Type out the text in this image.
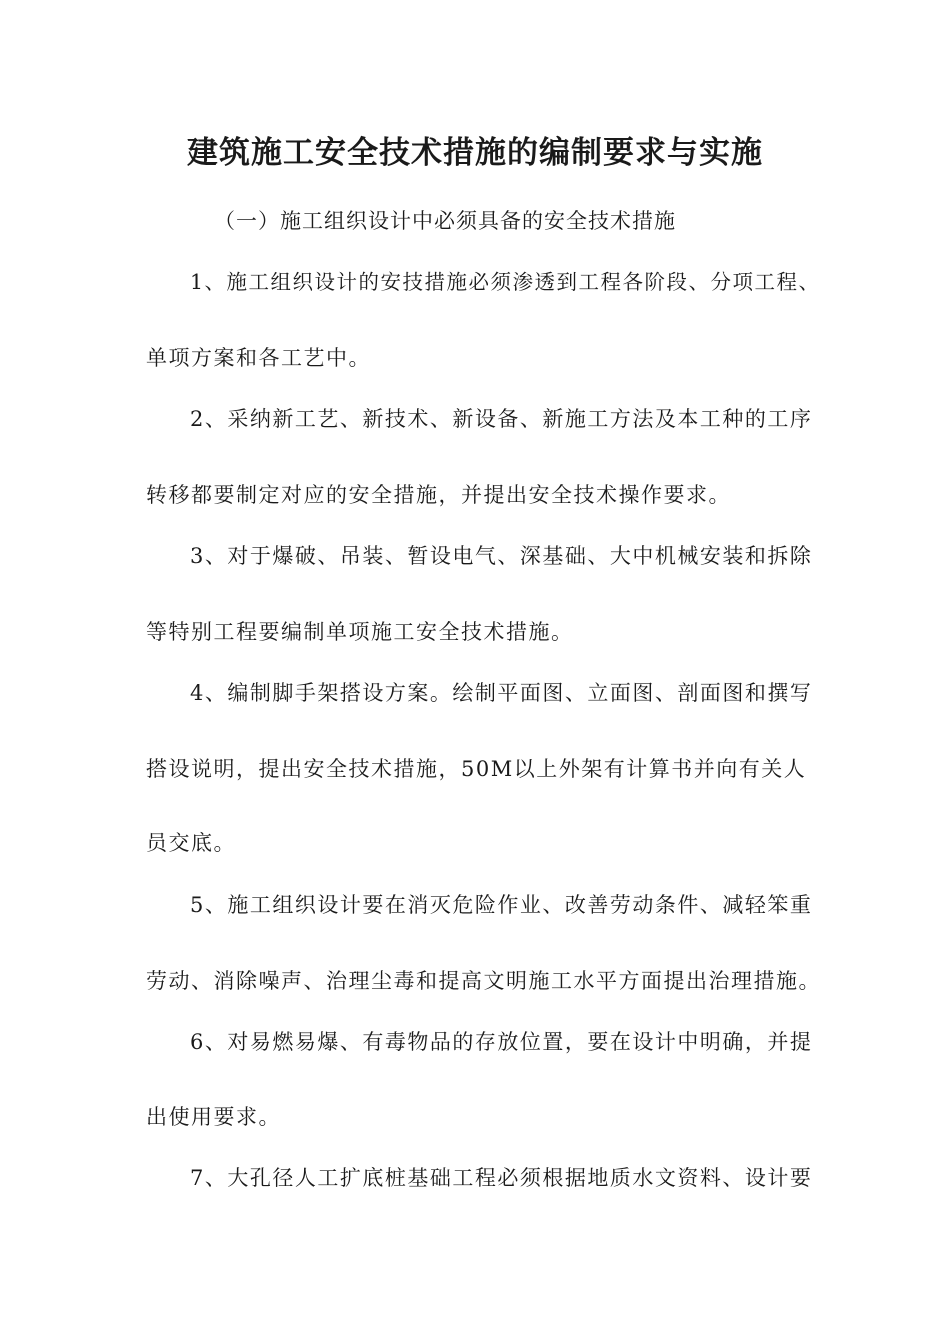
建筑施工安全技术措施的编制要求与实施
（一）施工组织设计中必须具备的安全技术措施
1、施工组织设计的安技措施必须渗透到工程各阶段、分项工程、
单项方案和各工艺中。
2、采纳新工艺、新技术、新设备、新施工方法及本工种的工序
转移都要制定对应的安全措施，并提出安全技术操作要求。
3、对于爆破、吊装、暂设电气、深基础、大中机械安装和拆除
等特别工程要编制单项施工安全技术措施。
4、编制脚手架搭设方案。绘制平面图、立面图、剖面图和撰写
搭设说明，提出安全技术措施，50M以上外架有计算书并向有关人
员交底。
5、施工组织设计要在消灭危险作业、改善劳动条件、减轻笨重
劳动、消除噪声、治理尘毒和提高文明施工水平方面提出治理措施。
6、对易燃易爆、有毒物品的存放位置，要在设计中明确，并提
出使用要求。
7、大孔径人工扩底桩基础工程必须根据地质水文资料、设计要
